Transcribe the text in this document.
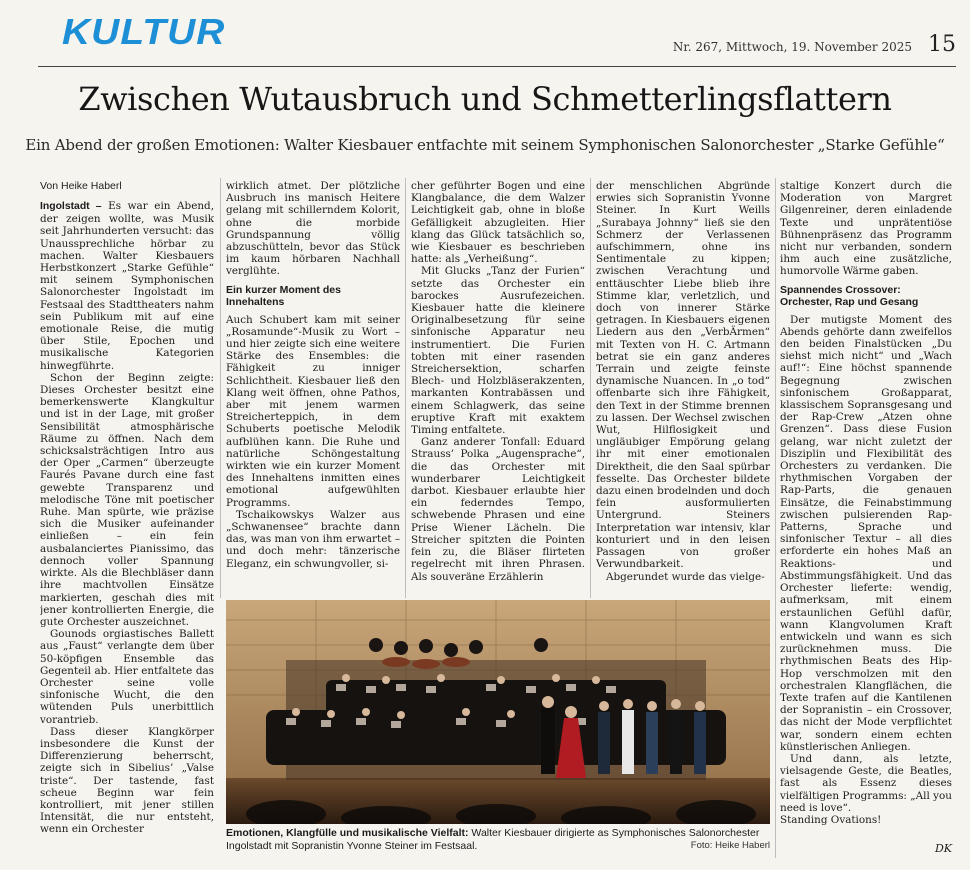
KULTUR	Nr. 267, Mittwoch, 19. November 2025 15
Zwischen Wutausbruch und Schmetterlingsflattern
Ein Abend der großen Emotionen: Walter Kiesbauer entfachte mit seinem Symphonischen Salonorchester „Starke Gefühle“
Von Heike Haberl

Ingolstadt – Es war ein Abend, der zeigen wollte, was Musik seit Jahrhunderten versucht: das Unaussprechliche hörbar zu machen. Walter Kiesbauers Herbstkonzert „Starke Gefühle“ mit seinem Symphonischen Salonorchester Ingolstadt im Festsaal des Stadttheaters nahm sein Publikum mit auf eine emotionale Reise, die mutig über Stile, Epochen und musikalische Kategorien hinwegführte.

Schon der Beginn zeigte: Dieses Orchester besitzt eine bemerkenswerte Klangkultur und ist in der Lage, mit großer Sensibilität atmosphärische Räume zu öffnen. Nach dem schicksalsträchtigen Intro aus der Oper „Carmen“ überzeugte Faurés Pavane durch eine fast gewebte Transparenz und melodische Töne mit poetischer Ruhe. Man spürte, wie präzise sich die Musiker aufeinander einließen – ein fein ausbalanciertes Pianissimo, das dennoch voller Spannung wirkte. Als die Blechbläser dann ihre machtvollen Einsätze markierten, geschah dies mit jener kontrollierten Energie, die gute Orchester auszeichnet.

Gounods orgiastisches Ballett aus „Faust“ verlangte dem über 50-köpfigen Ensemble das Gegenteil ab. Hier entfaltete das Orchester seine volle sinfonische Wucht, die den wütenden Puls unerbittlich vorantrieb.

Dass dieser Klangkörper insbesondere die Kunst der Differenzierung beherrscht, zeigte sich in Sibelius’ „Valse triste“. Der tastende, fast scheue Beginn war fein kontrolliert, mit jener stillen Intensität, die nur entsteht, wenn ein Orchester

wirklich atmet. Der plötzliche Ausbruch ins manisch Heitere gelang mit schillerndem Kolorit, ohne die morbide Grundspannung völlig abzuschütteln, bevor das Stück im kaum hörbaren Nachhall verglühte.

Ein kurzer Moment des Innehaltens

Auch Schubert kam mit seiner „Rosamunde“-Musik zu Wort – und hier zeigte sich eine weitere Stärke des Ensembles: die Fähigkeit zu inniger Schlichtheit. Kiesbauer ließ den Klang weit öffnen, ohne Pathos, aber mit jenem warmen Streicherteppich, in dem Schuberts poetische Melodik aufblühen kann. Die Ruhe und natürliche Schöngestaltung wirkten wie ein kurzer Moment des Innehaltens inmitten eines emotional aufgewühlten Programms.

Tschaikowskys Walzer aus „Schwanensee“ brachte dann das, was man von ihm erwartet – und doch mehr: tänzerische Eleganz, ein schwungvoller, si-

cher geführter Bogen und eine Klangbalance, die dem Walzer Leichtigkeit gab, ohne in bloße Gefälligkeit abzugleiten. Hier klang das Glück tatsächlich so, wie Kiesbauer es beschrieben hatte: als „Verheißung“.

Mit Glucks „Tanz der Furien“ setzte das Orchester ein barockes Ausrufezeichen. Kiesbauer hatte die kleinere Originalbesetzung für seine sinfonische Apparatur neu instrumentiert. Die Furien tobten mit einer rasenden Streichersektion, scharfen Blech- und Holzbläserakzenten, markanten Kontrabässen und einem Schlagwerk, das seine eruptive Kraft mit exaktem Timing entfaltete.

Ganz anderer Tonfall: Eduard Strauss’ Polka „Augensprache“, die das Orchester mit wunderbarer Leichtigkeit darbot. Kiesbauer erlaubte hier ein federndes Tempo, schwebende Phrasen und eine Prise Wiener Lächeln. Die Streicher spitzten die Pointen fein zu, die Bläser flirteten regelrecht mit ihren Phrasen. Als souveräne Erzählerin

der menschlichen Abgründe erwies sich Sopranistin Yvonne Steiner. In Kurt Weills „Surabaya Johnny“ ließ sie den Schmerz der Verlassenen aufschimmern, ohne ins Sentimentale zu kippen; zwischen Verachtung und enttäuschter Liebe blieb ihre Stimme klar, verletzlich, und doch von innerer Stärke getragen. In Kiesbauers eigenen Liedern aus den „VerbÄrmen“ mit Texten von H. C. Artmann betrat sie ein ganz anderes Terrain und zeigte feinste dynamische Nuancen. In „o tod“ offenbarte sich ihre Fähigkeit, den Text in der Stimme brennen zu lassen. Der Wechsel zwischen Wut, Hilflosigkeit und ungläubiger Empörung gelang ihr mit einer emotionalen Direktheit, die den Saal spürbar fesselte. Das Orchester bildete dazu einen brodelnden und doch fein ausformulierten Untergrund. Steiners Interpretation war intensiv, klar konturiert und in den leisen Passagen von großer Verwundbarkeit.

Abgerundet wurde das vielge-

staltige Konzert durch die Moderation von Margret Gilgenreiner, deren einladende Texte und unprätentiöse Bühnenpräsenz das Programm nicht nur verbanden, sondern ihm auch eine zusätzliche, humorvolle Wärme gaben.

Spannendes Crossover: Orchester, Rap und Gesang

Der mutigste Moment des Abends gehörte dann zweifellos den beiden Finalstücken „Du siehst mich nicht“ und „Wach auf!“: Eine höchst spannende Begegnung zwischen sinfonischem Großapparat, klassischem Sopransgesang und der Rap-Crew „Atzen ohne Grenzen“. Dass diese Fusion gelang, war nicht zuletzt der Disziplin und Flexibilität des Orchesters zu verdanken. Die rhythmischen Vorgaben der Rap-Parts, die genauen Einsätze, die Feinabstimmung zwischen pulsierenden Rap-Patterns, Sprache und sinfonischer Textur – all dies erforderte ein hohes Maß an Reaktions- und Abstimmungsfähigkeit. Und das Orchester lieferte: wendig, aufmerksam, mit einem erstaunlichen Gefühl dafür, wann Klangvolumen Kraft entwickeln und wann es sich zurücknehmen muss. Die rhythmischen Beats des Hip-Hop verschmolzen mit den orchestralen Klangflächen, die Texte trafen auf die Kantilenen der Sopranistin – ein Crossover, das nicht der Mode verpflichtet war, sondern einem echten künstlerischen Anliegen.

Und dann, als letzte, vielsagende Geste, die Beatles, fast als Essenz dieses vielfältigen Programms: „All you need is love“.

Standing Ovations!

Emotionen, Klangfülle und musikalische Vielfalt: Walter Kiesbauer dirigierte as Symphonisches Salonorchester Ingolstadt mit Sopranistin Yvonne Steiner im Festsaal.	Foto: Heike Haberl	DK
